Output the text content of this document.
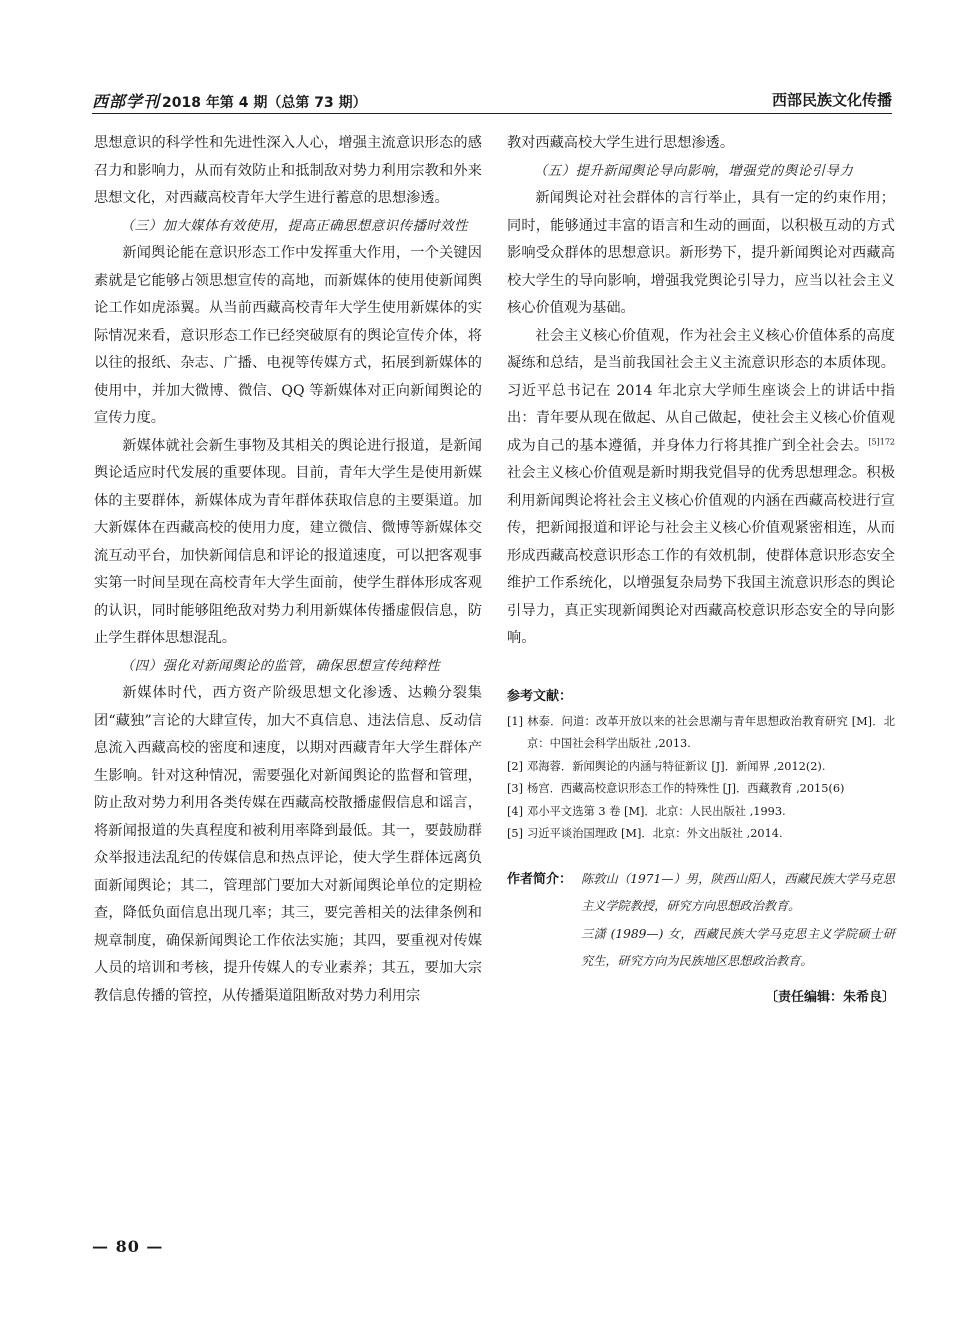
西部学刊 2018 年第 4 期（总第 73 期）	西部民族文化传播

思想意识的科学性和先进性深入人心，增强主流意识形态的感召力和影响力，从而有效防止和抵制敌对势力利用宗教和外来思想文化，对西藏高校青年大学生进行蓄意的思想渗透。

（三）加大媒体有效使用，提高正确思想意识传播时效性

新闻舆论能在意识形态工作中发挥重大作用，一个关键因素就是它能够占领思想宣传的高地，而新媒体的使用使新闻舆论工作如虎添翼。从当前西藏高校青年大学生使用新媒体的实际情况来看，意识形态工作已经突破原有的舆论宣传介体，将以往的报纸、杂志、广播、电视等传媒方式，拓展到新媒体的使用中，并加大微博、微信、QQ 等新媒体对正向新闻舆论的宣传力度。

新媒体就社会新生事物及其相关的舆论进行报道，是新闻舆论适应时代发展的重要体现。目前，青年大学生是使用新媒体的主要群体，新媒体成为青年群体获取信息的主要渠道。加大新媒体在西藏高校的使用力度，建立微信、微博等新媒体交流互动平台，加快新闻信息和评论的报道速度，可以把客观事实第一时间呈现在高校青年大学生面前，使学生群体形成客观的认识，同时能够阻绝敌对势力利用新媒体传播虚假信息，防止学生群体思想混乱。

（四）强化对新闻舆论的监管，确保思想宣传纯粹性

新媒体时代，西方资产阶级思想文化渗透、达赖分裂集团“藏独”言论的大肆宣传，加大不真信息、违法信息、反动信息流入西藏高校的密度和速度，以期对西藏青年大学生群体产生影响。针对这种情况，需要强化对新闻舆论的监督和管理，防止敌对势力利用各类传媒在西藏高校散播虚假信息和谣言，将新闻报道的失真程度和被利用率降到最低。其一，要鼓励群众举报违法乱纪的传媒信息和热点评论，使大学生群体远离负面新闻舆论；其二，管理部门要加大对新闻舆论单位的定期检查，降低负面信息出现几率；其三，要完善相关的法律条例和规章制度，确保新闻舆论工作依法实施；其四，要重视对传媒人员的培训和考核，提升传媒人的专业素养；其五，要加大宗教信息传播的管控，从传播渠道阻断敌对势力利用宗

教对西藏高校大学生进行思想渗透。

（五）提升新闻舆论导向影响，增强党的舆论引导力

新闻舆论对社会群体的言行举止，具有一定的约束作用；同时，能够通过丰富的语言和生动的画面，以积极互动的方式影响受众群体的思想意识。新形势下，提升新闻舆论对西藏高校大学生的导向影响，增强我党舆论引导力，应当以社会主义核心价值观为基础。

社会主义核心价值观，作为社会主义核心价值体系的高度凝练和总结，是当前我国社会主义主流意识形态的本质体现。习近平总书记在 2014 年北京大学师生座谈会上的讲话中指出：青年要从现在做起、从自己做起，使社会主义核心价值观成为自己的基本遵循，并身体力行将其推广到全社会去。$^{[5]172}$社会主义核心价值观是新时期我党倡导的优秀思想理念。积极利用新闻舆论将社会主义核心价值观的内涵在西藏高校进行宣传，把新闻报道和评论与社会主义核心价值观紧密相连，从而形成西藏高校意识形态工作的有效机制，使群体意识形态安全维护工作系统化，以增强复杂局势下我国主流意识形态的舆论引导力，真正实现新闻舆论对西藏高校意识形态安全的导向影响。

参考文献：

[1] 林泰．问道：改革开放以来的社会思潮与青年思想政治教育研究 [M]．北京：中国社会科学出版社 ,2013.

[2] 邓海蓉．新闻舆论的内涵与特征新议 [J]．新闻界 ,2012(2).

[3] 杨宫．西藏高校意识形态工作的特殊性 [J]．西藏教育 ,2015(6)

[4] 邓小平文选第 3 卷 [M]．北京：人民出版社 ,1993.

[5] 习近平谈治国理政 [M]．北京：外文出版社 ,2014.

作者简介： 陈敦山（1971—）男，陕西山阳人，西藏民族大学马克思主义学院教授，研究方向思想政治教育。

三潇 (1989—) 女，西藏民族大学马克思主义学院硕士研究生，研究方向为民族地区思想政治教育。

〔责任编辑：朱希良〕
— 80 —
